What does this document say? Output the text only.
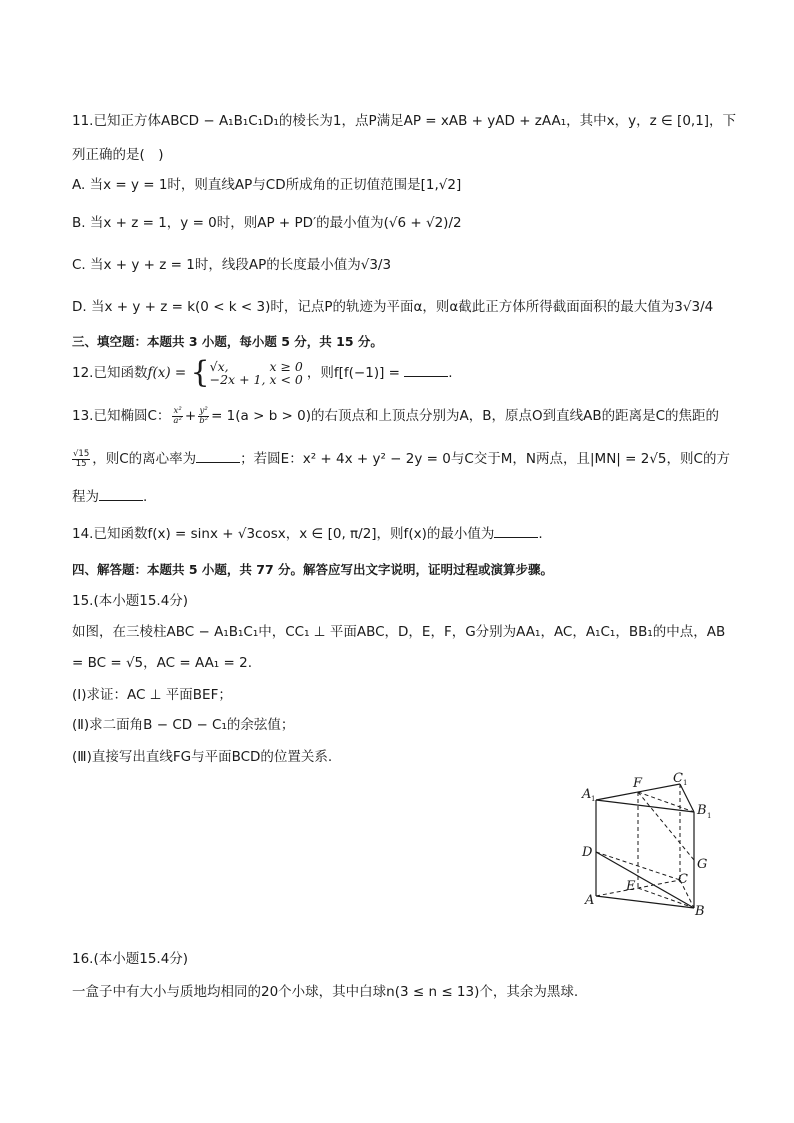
11.已知正方体ABCD − A₁B₁C₁D₁的棱长为1，点P满足AP = xAB + yAD + zAA₁，其中x，y，z ∈ [0,1]，下
列正确的是(　)
A. 当x = y = 1时，则直线AP与CD所成角的正切值范围是[1,√2]
B. 当x + z = 1，y = 0时，则AP + PD′的最小值为(√6 + √2)/2
C. 当x + y + z = 1时，线段AP的长度最小值为√3/3
D. 当x + y + z = k(0 < k < 3)时，记点P的轨迹为平面α，则α截此正方体所得截面面积的最大值为3√3/4
三、填空题：本题共 3 小题，每小题 5 分，共 15 分。
12.已知函数f(x) = { √x,	x ≥ 0
−2x + 1,	x < 0 ，则f[f(−1)] =	.
13.已知椭圆C： $\frac{\text{x²}}{\text{a²}} + \frac{\text{y²}}{\text{b²}} = 1(a > b > 0)$的右顶点和上顶点分别为A，B，原点O到直线AB的距离是C的焦距的
$\frac{√15}{15}$ ，则C的离心率为	；若圆E：x² + 4x + y² − 2y = 0与C交于M，N两点，且|MN| = 2√5，则C的方
程为	.
14.已知函数f(x) = sinx + √3cosx，x ∈ [0, π/2]，则f(x)的最小值为	.
四、解答题：本题共 5 小题，共 77 分。解答应写出文字说明，证明过程或演算步骤。
15.(本小题15.4分)
如图，在三棱柱ABC − A₁B₁C₁中，CC₁ ⊥ 平面ABC，D，E，F，G分别为AA₁，AC，A₁C₁，BB₁的中点，AB
= BC = √5，AC = AA₁ = 2.
(Ⅰ)求证：AC ⊥ 平面BEF；
(Ⅱ)求二面角B − CD − C₁的余弦值；
(Ⅲ)直接写出直线FG与平面BCD的位置关系.
A 1
F C 1
B 1
D
G
C
E
A
B
16.(本小题15.4分)
一盒子中有大小与质地均相同的20个小球，其中白球n(3 ≤ n ≤ 13)个，其余为黑球.
